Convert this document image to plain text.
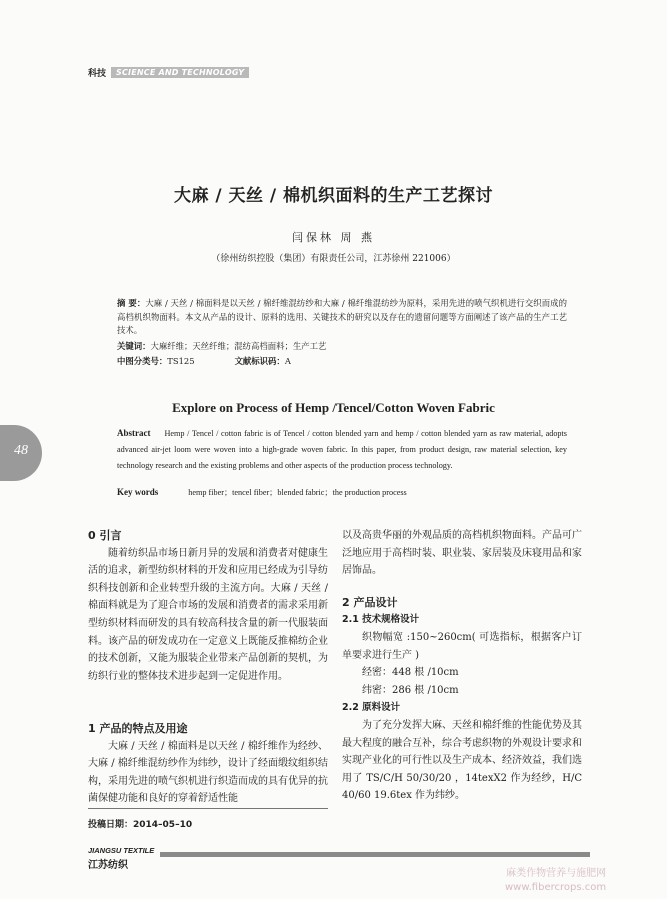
科技	SCIENCE AND TECHNOLOGY
大麻 / 天丝 / 棉机织面料的生产工艺探讨
闫保林 周 燕
（徐州纺织控股（集团）有限责任公司，江苏徐州 221006）
摘 要：大麻 / 天丝 / 棉面料是以天丝 / 棉纤维混纺纱和大麻 / 棉纤维混纺纱为原料，采用先进的喷气织机进行交织而成的高档机织物面料。本文从产品的设计、原料的选用、关键技术的研究以及存在的遗留问题等方面阐述了该产品的生产工艺技术。
关键词：大麻纤维；天丝纤维；混纺高档面料；生产工艺
中图分类号：TS125	文献标识码：A
Explore on Process of Hemp /Tencel/Cotton Woven Fabric
Abstract Hemp / Tencel / cotton fabric is of Tencel / cotton blended yarn and hemp / cotton blended yarn as raw material, adopts advanced air-jet loom were woven into a high-grade woven fabric. In this paper, from product design, raw material selection, key technology research and the existing problems and other aspects of the production process technology.
Key words	hemp fiber；tencel fiber；blended fabric；the production process
48

0 引言

随着纺织品市场日新月异的发展和消费者对健康生活的追求，新型纺织材料的开发和应用已经成为引导纺织科技创新和企业转型升级的主流方向。大麻 / 天丝 / 棉面料就是为了迎合市场的发展和消费者的需求采用新型纺织材料而研发的具有较高科技含量的新一代服装面料。该产品的研发成功在一定意义上既能反推棉纺企业的技术创新，又能为服装企业带来产品创新的契机，为纺织行业的整体技术进步起到一定促进作用。

1 产品的特点及用途

大麻 / 天丝 / 棉面料是以天丝 / 棉纤维作为经纱、大麻 / 棉纤维混纺纱作为纬纱，设计了经面缎纹组织结构，采用先进的喷气织机进行织造而成的具有优异的抗菌保健功能和良好的穿着舒适性能

以及高贵华丽的外观品质的高档机织物面料。产品可广泛地应用于高档时装、职业装、家居装及床寝用品和家居饰品。

2 产品设计

2.1 技术规格设计

织物幅宽 :150~260cm( 可选指标，根据客户订单要求进行生产 )

经密：448 根 /10cm

纬密：286 根 /10cm

2.2 原料设计

为了充分发挥大麻、天丝和棉纤维的性能优势及其最大程度的融合互补，综合考虑织物的外观设计要求和实现产业化的可行性以及生产成本、经济效益，我们选用了 TS/C/H 50/30/20 ，14texX2 作为经纱，H/C 40/60 19.6tex 作为纬纱。

投稿日期：2014–05–10
JIANGSU TEXTILE
江苏纺织
麻类作物营养与施肥网
www.fibercrops.com
